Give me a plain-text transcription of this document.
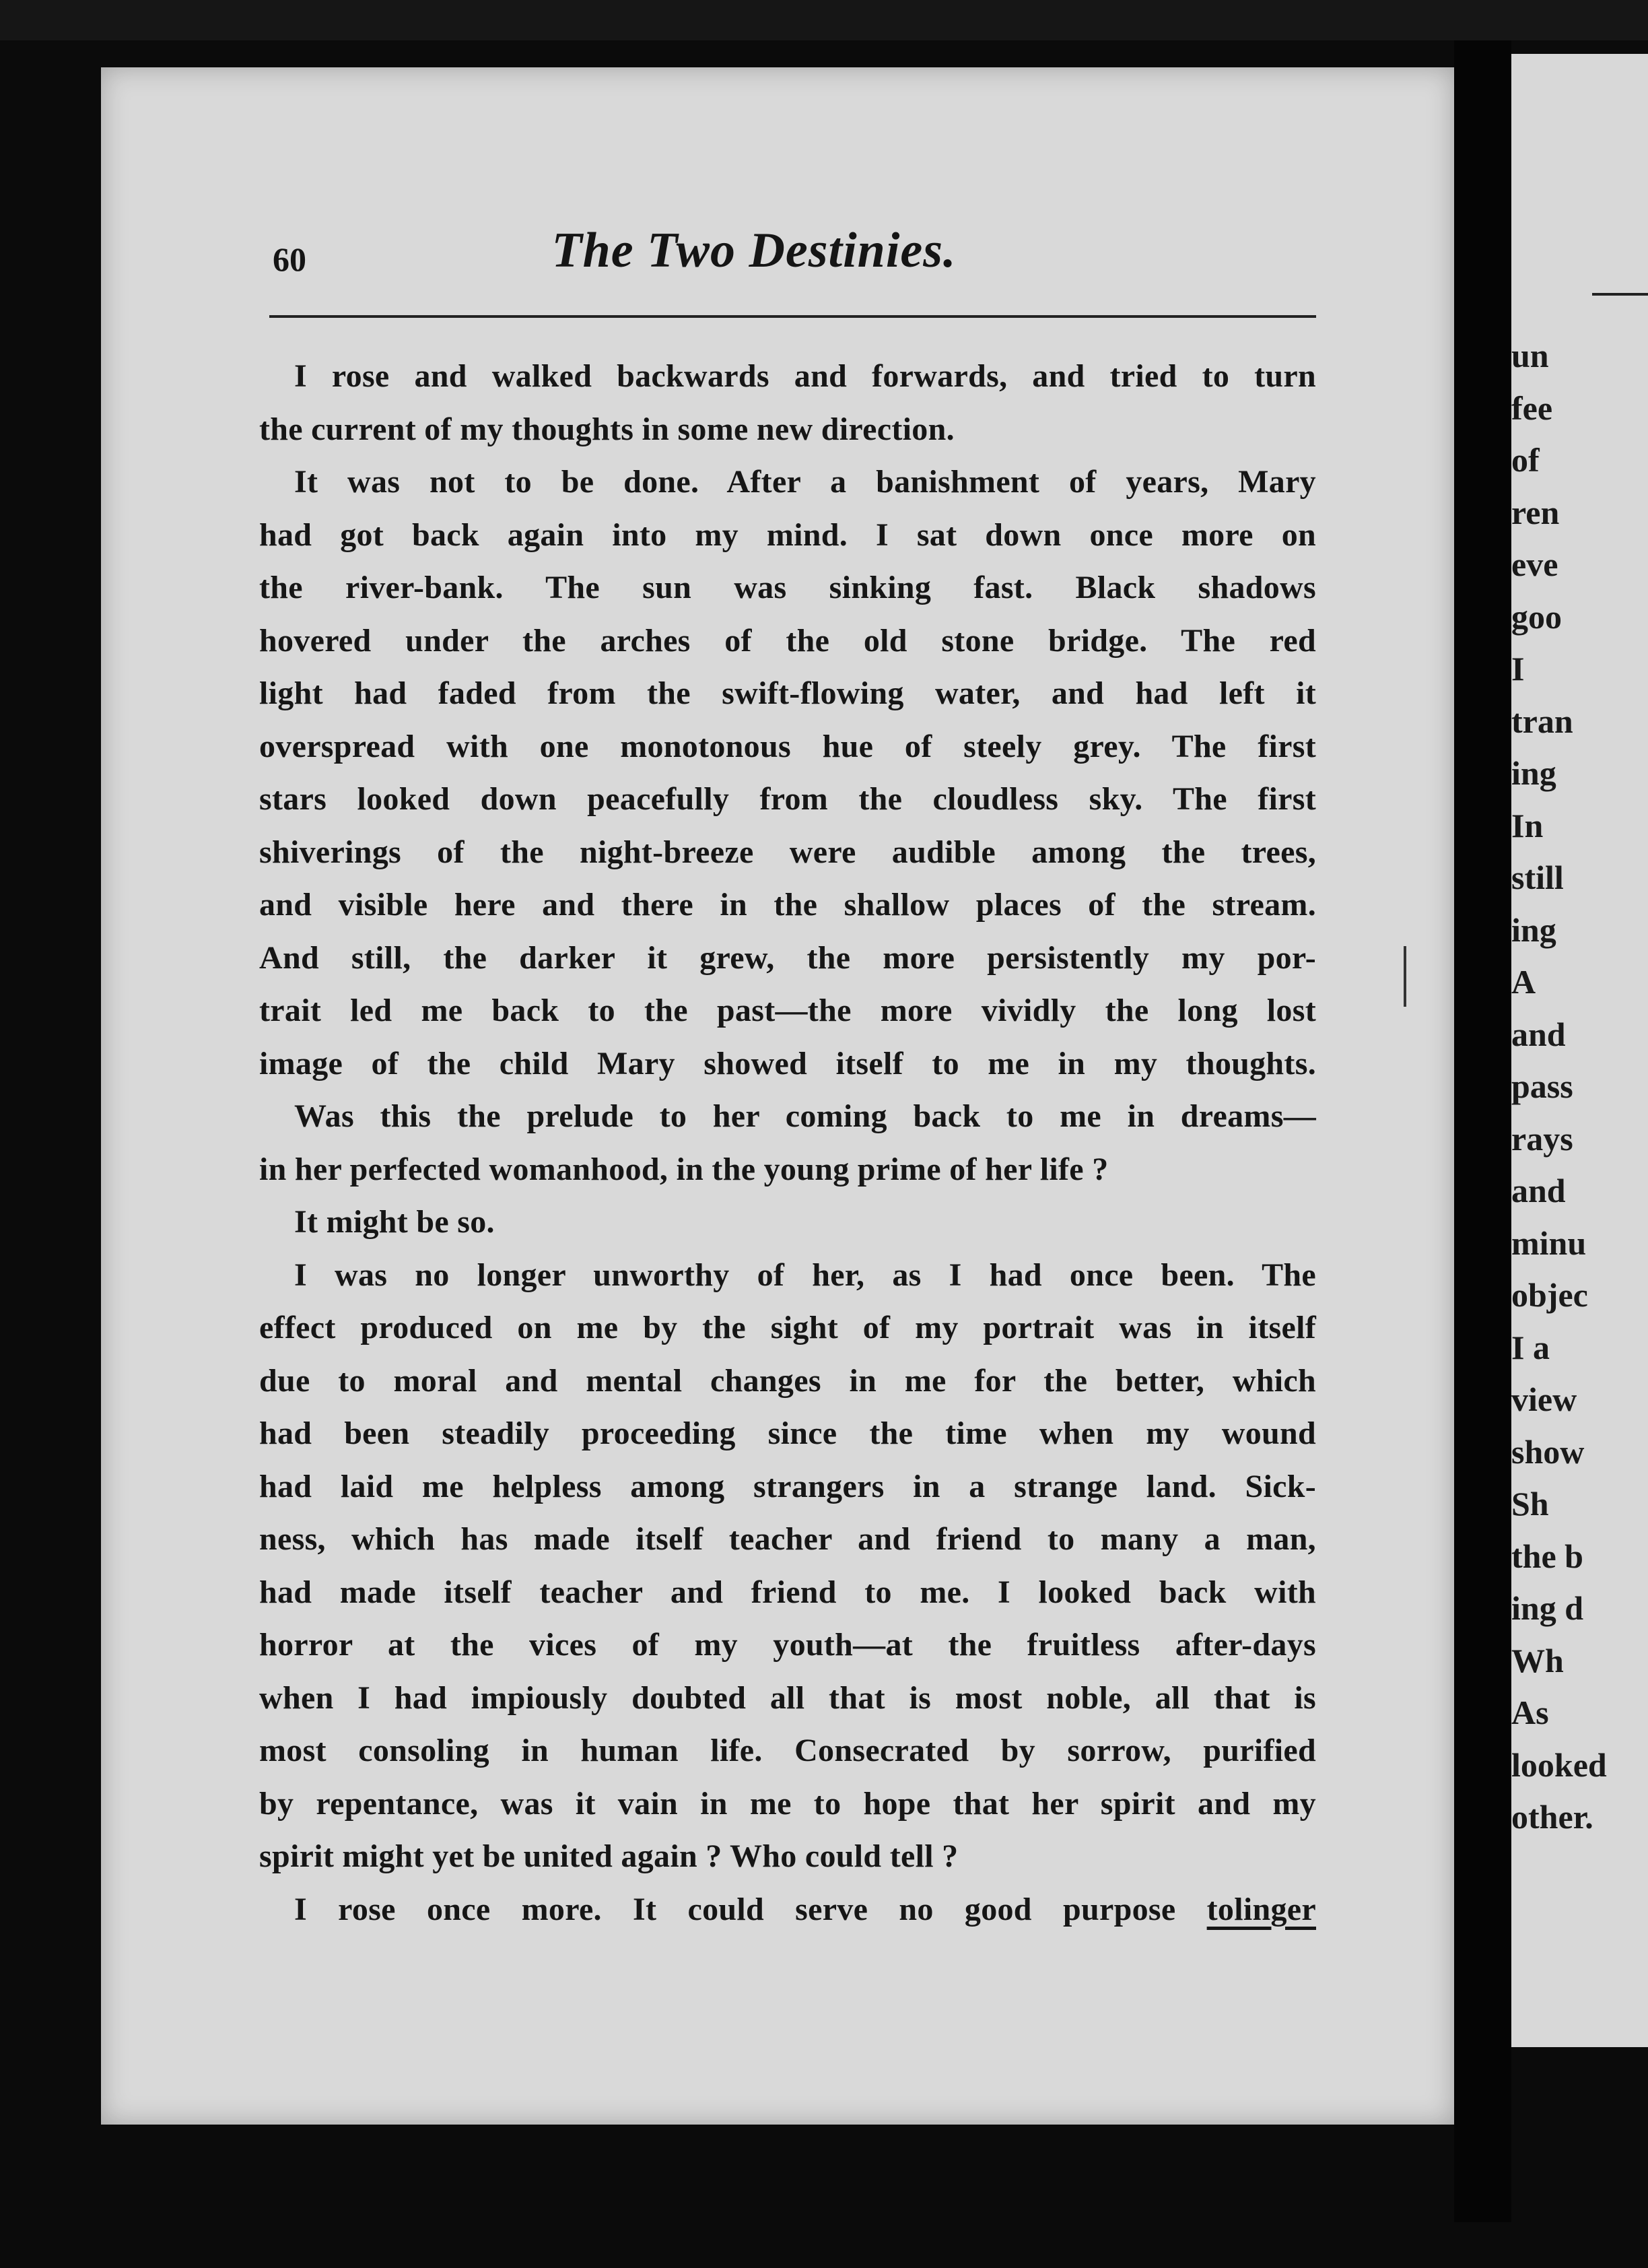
60	The Two Destinies.
I rose and walked backwards and forwards, and tried to turn
the current of my thoughts in some new direction.
It was not to be done. After a banishment of years, Mary
had got back again into my mind. I sat down once more on
the river-bank. The sun was sinking fast. Black shadows
hovered under the arches of the old stone bridge. The red
light had faded from the swift-flowing water, and had left it
overspread with one monotonous hue of steely grey. The first
stars looked down peacefully from the cloudless sky. The first
shiverings of the night-breeze were audible among the trees,
and visible here and there in the shallow places of the stream.
And still, the darker it grew, the more persistently my por-
trait led me back to the past—the more vividly the long lost
image of the child Mary showed itself to me in my thoughts.
Was this the prelude to her coming back to me in dreams—
in her perfected womanhood, in the young prime of her life ?
It might be so.
I was no longer unworthy of her, as I had once been. The
effect produced on me by the sight of my portrait was in itself
due to moral and mental changes in me for the better, which
had been steadily proceeding since the time when my wound
had laid me helpless among strangers in a strange land. Sick-
ness, which has made itself teacher and friend to many a man,
had made itself teacher and friend to me. I looked back with
horror at the vices of my youth—at the fruitless after-days
when I had impiously doubted all that is most noble, all that is
most consoling in human life. Consecrated by sorrow, purified
by repentance, was it vain in me to hope that her spirit and my
spirit might yet be united again ? Who could tell ?
I rose once more. It could serve no good purpose tolinger
un
fee
of
ren
eve
goo
I
tran
ing
In
still
ing
A
and
pass
rays
and
minu
objec
I a
view
show
Sh
the b
ing d
Wh
As
looked
other.
